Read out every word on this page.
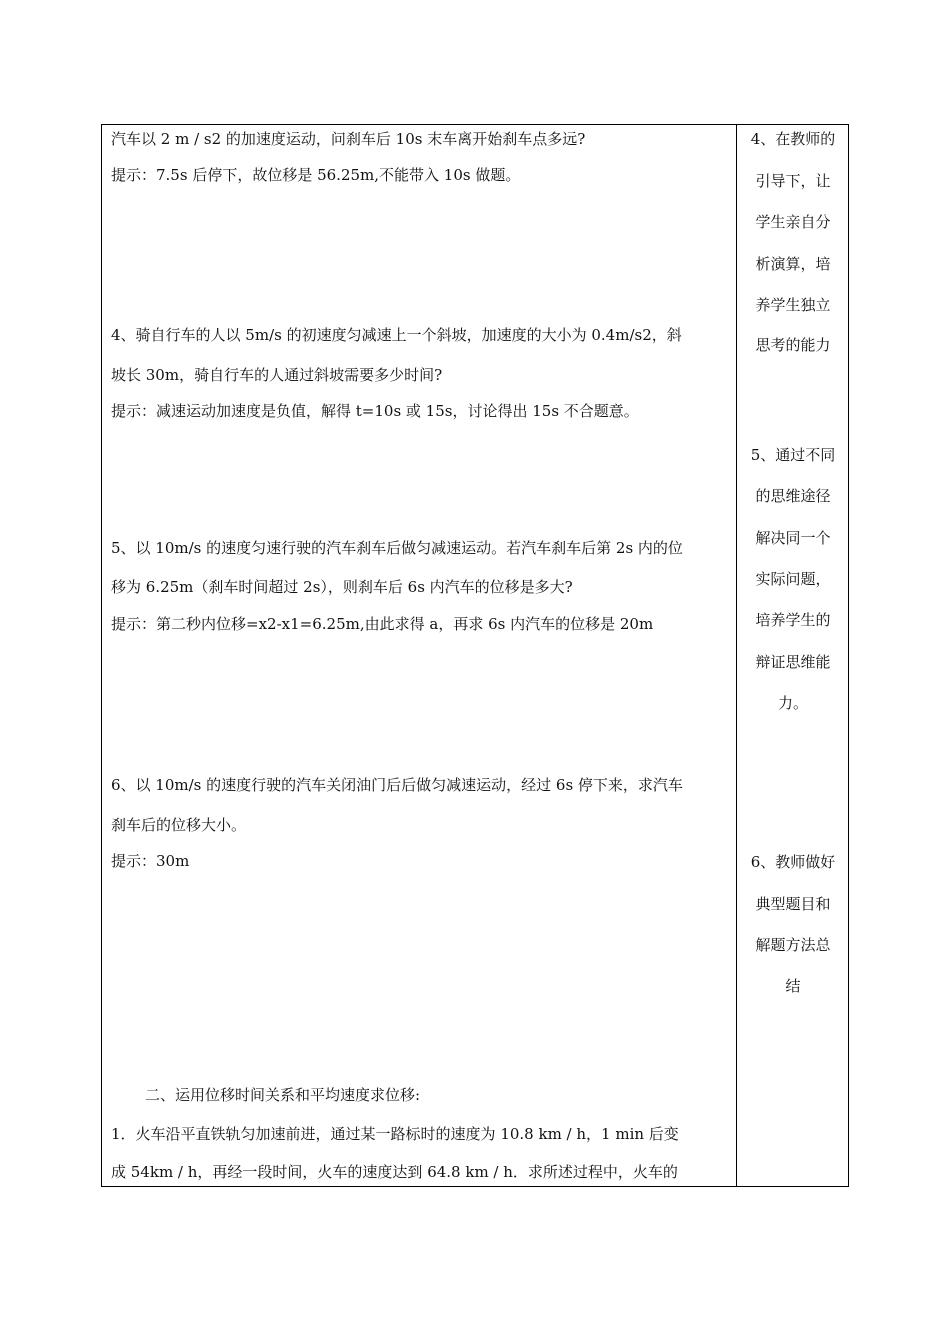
汽车以 2 m / s2 的加速度运动，问刹车后 10s 末车离开始刹车点多远?
提示：7.5s 后停下，故位移是 56.25m,不能带入 10s 做题。
4、骑自行车的人以 5m/s 的初速度匀减速上一个斜坡，加速度的大小为 0.4m/s2，斜
坡长 30m，骑自行车的人通过斜坡需要多少时间?
提示：减速运动加速度是负值，解得 t=10s 或 15s，讨论得出 15s 不合题意。
5、以 10m/s 的速度匀速行驶的汽车刹车后做匀减速运动。若汽车刹车后第 2s 内的位
移为 6.25m（刹车时间超过 2s），则刹车后 6s 内汽车的位移是多大?
提示：第二秒内位移=x2-x1=6.25m,由此求得 a，再求 6s 内汽车的位移是 20m
6、以 10m/s 的速度行驶的汽车关闭油门后后做匀减速运动，经过 6s 停下来，求汽车
刹车后的位移大小。
提示：30m
二、运用位移时间关系和平均速度求位移:
1．火车沿平直铁轨匀加速前进，通过某一路标时的速度为 10.8 km / h，1 min 后变
成 54km / h，再经一段时间，火车的速度达到 64.8 km / h．求所述过程中，火车的
4、在教师的
引导下，让
学生亲自分
析演算，培
养学生独立
思考的能力
5、通过不同
的思维途径
解决同一个
实际问题，
培养学生的
辩证思维能
力。
6、教师做好
典型题目和
解题方法总
结
